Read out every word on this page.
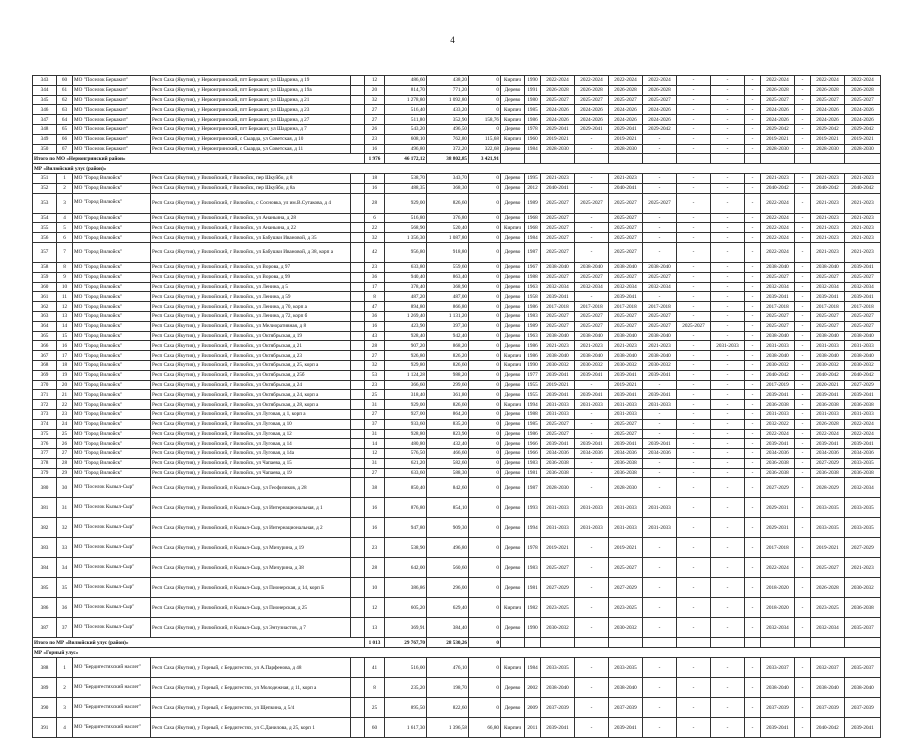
4
343	60	МО "Поселок Беркакит"	Респ Саха (Якутия), у Нерюнгринский, пгт Беркакит, ул Шадрина, д 19		12	486,60	438,20	0	Кирпич	1990	2022-2024	2022-2024	2022-2024	2022-2024	-	-	-	2022-2024	-	2022-2024	2022-2024
344	61	МО "Поселок Беркакит"	Респ Саха (Якутия), у Нерюнгринский, пгт Беркакит, ул Шадрина, д 19а		20	814,70	771,20	0	Дерево	1991	2026-2028	2026-2028	2026-2028	2026-2028	-	-	-	2026-2028	-	2026-2028	2026-2028
345	62	МО "Поселок Беркакит"	Респ Саха (Якутия), у Нерюнгринский, пгт Беркакит, ул Шадрина, д 21		32	1 278,80	1 092,80	0	Дерево	1980	2025-2027	2025-2027	2025-2027	2025-2027	-	-	-	2025-2027	-	2025-2027	2025-2027
346	63	МО "Поселок Беркакит"	Респ Саха (Якутия), у Нерюнгринский, пгт Беркакит, ул Шадрина, д 23		27	516,40	433,20	0	Кирпич	1985	2024-2026	2024-2026	2024-2026	2024-2026	-	-	-	2024-2026	-	2024-2026	2024-2026
347	64	МО "Поселок Беркакит"	Респ Саха (Якутия), у Нерюнгринский, пгт Беркакит, ул Шадрина, д 27		27	511,80	352,90	158,76	Кирпич	1986	2024-2026	2024-2026	2024-2026	2024-2026	-	-	-	2024-2026	-	2024-2026	2024-2026
348	65	МО "Поселок Беркакит"	Респ Саха (Якутия), у Нерюнгринский, пгт Беркакит, ул Шадрина, д 7		26	543,20	496,50	0	Дерево	1978	2029-2041	2029-2041	2029-2041	2029-2042	-	-	-	2029-2042	-	2029-2042	2029-2042
349	66	МО "Поселок Беркакит"	Респ Саха (Якутия), у Нерюнгринский, с Сыарда, ул Советская, д 10		23	608,10	762,80	115,68	Кирпич	1960	2019-2021	-	2019-2021	-	-	-	-	2019-2021	-	2019-2021	2019-2021
350	67	МО "Поселок Беркакит"	Респ Саха (Якутия), у Нерюнгринский, с Сыарда, ул Советская, д 11		16	496,80	372,20	322,68	Дерево	1984	2028-2030	-	2028-2030	-	-	-	-	2028-2030	-	2028-2030	2028-2030
Итого по МО «Нерюнгринский район»					1 976	46 172,12	38 802,85	3 421,91													
МР «Вилюйский улус (район)»																					
351	1	МО "Город Вилюйск"	Респ Саха (Якутия), у Вилюйский, г Вилюйск, пер Шкуйбо, д 8		18	538,70	343,70	0	Дерево	1995	2021-2023	-	2021-2023	-	-	-	-	2021-2023	-	2021-2023	2021-2023
352	2	МО "Город Вилюйск"	Респ Саха (Якутия), у Вилюйский, г Вилюйск, пер Шкуйбо, д 8а		16	488,35	368,30	0	Дерево	2012	2040-2041	-	2040-2041	-	-	-	-	2040-2042	-	2040-2042	2040-2042
353	3	МО "Город Вилюйск"	Респ Саха (Якутия), у Вилюйский, г Вилюйск, с Сосновка, ул им.В.Сутакова, д 4		28	929,00	826,60	0	Дерево	1989	2025-2027	2025-2027	2025-2027	2025-2027	-	-	-	2022-2024	-	2021-2023	2021-2023
354	4	МО "Город Вилюйск"	Респ Саха (Якутия), у Вилюйский, г Вилюйск, ул Ананьина, д 28		6	516,80	376,80	0	Дерево	1968	2025-2027	-	2025-2027	-	-	-	-	2022-2024	-	2021-2023	2021-2023
355	5	МО "Город Вилюйск"	Респ Саха (Якутия), у Вилюйский, г Вилюйск, ул Ананьина, д 22		22	568,90	520,40	0	Кирпич	1968	2025-2027	-	2025-2027	-	-	-	-	2022-2024	-	2021-2023	2021-2023
356	6	МО "Город Вилюйск"	Респ Саха (Якутия), у Вилюйский, г Вилюйск, ул Бабушки Ивановой, д 35		32	1 356,30	1 087,80	0	Дерево	1984	2025-2027	-	2025-2027	-	-	-	-	2022-2024	-	2021-2023	2021-2023
357	7	МО "Город Вилюйск"	Респ Саха (Якутия), у Вилюйский, г Вилюйск, ул Бабушки Ивановой, д 38, корп а		42	956,80	918,80	0	Дерево	1987	2025-2027	-	2025-2027	-	-	-	-	2022-2024	-	2021-2023	2021-2023
358	8	МО "Город Вилюйск"	Респ Саха (Якутия), у Вилюйский, г Вилюйск, ул Ворова, д 97		23	633,80	559,60	0	Дерево	1967	2038-2040	2038-2040	2038-2040	2038-2040	-	-	-	2038-2040	-	2038-2040	2039-2041
359	9	МО "Город Вилюйск"	Респ Саха (Якутия), у Вилюйский, г Вилюйск, ул Ворова, д 99		36	940,40	863,40	0	Дерево	1988	2025-2027	2025-2027	2025-2027	2025-2027	-	-	-	2025-2027	-	2025-2027	2025-2027
360	10	МО "Город Вилюйск"	Респ Саха (Якутия), у Вилюйский, г Вилюйск, ул Ленина, д 5		17	378,40	368,90	0	Дерево	1963	2032-2034	2032-2034	2032-2034	2032-2034	-	-	-	2032-2034	-	2032-2034	2032-2034
361	11	МО "Город Вилюйск"	Респ Саха (Якутия), у Вилюйский, г Вилюйск, ул Ленина, д 59		8	487,20	487,00	0	Дерево	1958	2039-2041	-	2039-2041	-	-	-	-	2039-2041	-	2039-2041	2039-2041
362	12	МО "Город Вилюйск"	Респ Саха (Якутия), у Вилюйский, г Вилюйск, ул Ленина, д 70, корп а		47	894,80	866,80	0	Дерево	1986	2017-2018	2017-2018	2017-2018	2017-2018	-	-	-	2017-2018	-	2017-2018	2017-2018
363	13	МО "Город Вилюйск"	Респ Саха (Якутия), у Вилюйский, г Вилюйск, ул Ленина, д 72, корп б		36	1 269,40	1 131,20	0	Дерево	1983	2025-2027	2025-2027	2025-2027	2025-2027	-	-	-	2025-2027	-	2025-2027	2025-2027
364	14	МО "Город Вилюйск"	Респ Саха (Якутия), у Вилюйский, г Вилюйск, ул Мелиоративная, д 8		16	423,90	397,30	0	Дерево	1989	2025-2027	2025-2027	2025-2027	2025-2027	2025-2027	-	-	2025-2027	-	2025-2027	2025-2027
365	15	МО "Город Вилюйск"	Респ Саха (Якутия), у Вилюйский, г Вилюйск, ул Октябрьская, д 19		43	928,40	942,40	0	Дерево	1963	2038-2040	2038-2040	2038-2040	2038-2040	-	-	-	2038-2040	-	2038-2040	2038-2040
366	16	МО "Город Вилюйск"	Респ Саха (Якутия), у Вилюйский, г Вилюйск, ул Октябрьская, д 21		28	907,20	868,20	0	Дерево	1986	2021-2023	2021-2023	2021-2023	2021-2023	-	2031-2033	-	2031-2033	-	2031-2033	2031-2033
367	17	МО "Город Вилюйск"	Респ Саха (Якутия), у Вилюйский, г Вилюйск, ул Октябрьская, д 23		27	926,80	826,20	0	Кирпич	1986	2038-2040	2038-2040	2038-2040	2038-2040	-	-	-	2038-2040	-	2038-2040	2038-2040
368	18	МО "Город Вилюйск"	Респ Саха (Якутия), у Вилюйский, г Вилюйск, ул Октябрьская, д 25, корп а		32	929,80	826,60	0	Кирпич	1990	2030-2032	2030-2032	2030-2032	2030-2032	-	-	-	2030-2032	-	2030-2032	2030-2032
369	19	МО "Город Вилюйск"	Респ Саха (Якутия), у Вилюйский, г Вилюйск, ул Октябрьская, д 25б		53	1 124,28	988,20	0	Дерево	1977	2039-2041	2039-2041	2039-2041	2039-2041	-	-	-	2040-2042	-	2040-2042	2040-2042
370	20	МО "Город Вилюйск"	Респ Саха (Якутия), у Вилюйский, г Вилюйск, ул Октябрьская, д 24		23	366,60	299,60	0	Дерево	1955	2019-2021	-	2019-2021	-	-	-	-	2017-2019	-	2020-2021	2027-2029
371	21	МО "Город Вилюйск"	Респ Саха (Якутия), у Вилюйский, г Вилюйск, ул Октябрьская, д 24, корп а		25	318,40	361,80	0	Дерево	1955	2039-2041	2039-2041	2039-2041	2039-2041	-	-	-	2039-2041	-	2039-2041	2039-2041
372	22	МО "Город Вилюйск"	Респ Саха (Якутия), у Вилюйский, г Вилюйск, ул Октябрьская, д 28, корп а		31	929,00	826,60	0	Кирпич	1994	2031-2033	2031-2033	2031-2033	2031-2033	-	-	-	2036-2038	-	2036-2038	2036-2038
373	23	МО "Город Вилюйск"	Респ Саха (Якутия), у Вилюйский, г Вилюйск, ул Луговая, д 1, корп а		27	927,00	864,20	0	Дерево	1988	2031-2033	-	2031-2033	-	-	-	-	2031-2033	-	2031-2033	2031-2033
374	24	МО "Город Вилюйск"	Респ Саха (Якутия), у Вилюйский, г Вилюйск, ул Луговая, д 10		37	933,60	835,20	0	Дерево	1985	2025-2027	-	2025-2027	-	-	-	-	2032-2022	-	2026-2028	2022-2024
375	25	МО "Город Вилюйск"	Респ Саха (Якутия), у Вилюйский, г Вилюйск, ул Луговая, д 12		31	928,80	823,90	0	Дерево	1986	2025-2027	-	2025-2027	-	-	-	-	2022-2024	-	2022-2024	2022-2024
376	26	МО "Город Вилюйск"	Респ Саха (Якутия), у Вилюйский, г Вилюйск, ул Луговая, д 14		14	480,80	432,40	0	Дерево	1966	2039-2041	2039-2041	2039-2041	2039-2041	-	-	-	2039-2041	-	2039-2041	2039-2041
377	27	МО "Город Вилюйск"	Респ Саха (Якутия), у Вилюйский, г Вилюйск, ул Луговая, д 14а		12	576,50	466,60	0	Дерево	1966	2034-2036	2034-2036	2034-2036	2034-2036	-	-	-	2034-2036	-	2034-2036	2034-2036
378	28	МО "Город Вилюйск"	Респ Саха (Якутия), у Вилюйский, г Вилюйск, ул Чапаева, д 15		31	621,20	582,60	0	Дерево	1983	2036-2038	-	2036-2038	-	-	-	-	2036-2038	-	2027-2029	2033-2035
379	29	МО "Город Вилюйск"	Респ Саха (Якутия), у Вилюйский, г Вилюйск, ул Чапаева, д 19		27	633,60	588,30	0	Дерево	1981	2036-2038	-	2036-2038	-	-	-	-	2036-2038	-	2036-2038	2036-2038
380	30	МО "Поселок Кызыл-Сыр"	Респ Саха (Якутия), у Вилюйский, п Кызыл-Сыр, ул Геофизиков, д 28		38	850,40	842,60	0	Дерево	1987	2028-2030	-	2028-2030	-	-	-	-	2027-2029	-	2028-2029	2032-2034
381	31	МО "Поселок Кызыл-Сыр"	Респ Саха (Якутия), у Вилюйский, п Кызыл-Сыр, ул Интернациональная, д 1		16	876,80	854,10	0	Дерево	1993	2031-2033	2031-2033	2031-2033	2031-2033	-	-	-	2029-2031	-	2033-2035	2033-2035
382	32	МО "Поселок Кызыл-Сыр"	Респ Саха (Якутия), у Вилюйский, п Кызыл-Сыр, ул Интернациональная, д 2		16	947,80	909,30	0	Дерево	1994	2031-2033	2031-2033	2031-2033	2031-2033	-	-	-	2029-2031	-	2033-2035	2033-2035
383	33	МО "Поселок Кызыл-Сыр"	Респ Саха (Якутия), у Вилюйский, п Кызыл-Сыр, ул Мичурина, д 19		23	538,90	496,80	0	Дерево	1978	2019-2021	-	2019-2021	-	-	-	-	2017-2018	-	2019-2021	2027-2029
384	34	МО "Поселок Кызыл-Сыр"	Респ Саха (Якутия), у Вилюйский, п Кызыл-Сыр, ул Мичурина, д 38		28	642,00	560,60	0	Дерево	1983	2025-2027	-	2025-2027	-	-	-	-	2022-2024	-	2025-2027	2021-2023
385	35	МО "Поселок Кызыл-Сыр"	Респ Саха (Якутия), у Вилюйский, п Кызыл-Сыр, ул Пионерская, д 14, корп Б		10	386,86	296,00	0	Дерево	1981	2027-2029	-	2027-2029	-	-	-	-	2018-2020	-	2026-2028	2030-2032
386	36	МО "Поселок Кызыл-Сыр"	Респ Саха (Якутия), у Вилюйский, п Кызыл-Сыр, ул Пионерская, д 25		12	605,20	629,40	0	Кирпич	1982	2023-2025	-	2023-2025	-	-	-	-	2018-2020	-	2023-2025	2036-2038
387	37	МО "Поселок Кызыл-Сыр"	Респ Саха (Якутия), у Вилюйский, п Кызыл-Сыр, ул Энтузиастов, д 7		13	369,91	384,40	0	Дерево	1990	2030-2032	-	2030-2032	-	-	-	-	2032-2034	-	2032-2034	2035-2037
Итого по МР «Вилюйский улус (район)»					1 013	29 767,70	28 530,26	0													
МР «Горный улус»																					
388	1	МО "Бердигестяхский наслег"	Респ Саха (Якутия), у Горный, с Бердигестях, ул А.Парфенова, д 48		41	516,00	476,10	0	Кирпич	1984	2033-2035	-	2033-2035	-	-	-	-	2033-2037	-	2032-2037	2035-2037
389	2	МО "Бердигестяхский наслег"	Респ Саха (Якутия), у Горный, с Бердигестях, ул Молодежная, д 11, корп а		8	235,20	198,70	0	Дерево	2002	2038-2040	-	2038-2040	-	-	-	-	2038-2040	-	2038-2040	2038-2040
390	3	МО "Бердигестяхский наслег"	Респ Саха (Якутия), у Горный, с Бердигестях, ул Щепкина, д 5/4		25	895,50	822,60	0	Дерево	2009	2037-2039	-	2037-2039	-	-	-	-	2037-2039	-	2037-2039	2037-2039
391	4	МО "Бердигестяхский наслег"	Респ Саха (Якутия), у Горный, с Бердигестях, ул С.Данилова, д 25, корп 1		60	1 617,30	1 396,58	66,80	Кирпич	2011	2039-2041	-	2039-2041	-	-	-	-	2039-2041	-	2040-2042	2039-2041
